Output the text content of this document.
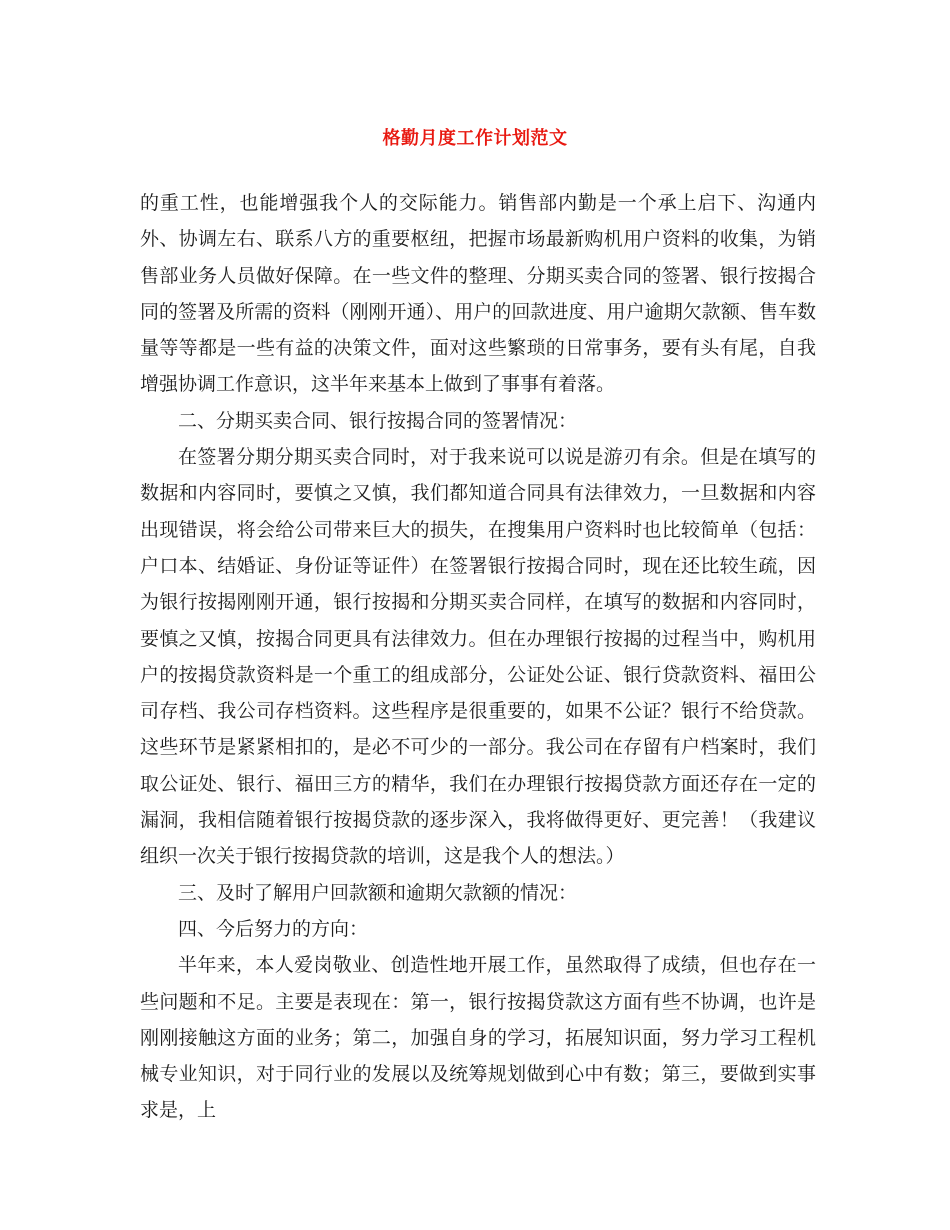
格勤月度工作计划范文

的重工性，也能增强我个人的交际能力。销售部内勤是一个承上启下、沟通内外、协调左右、联系八方的重要枢纽，把握市场最新购机用户资料的收集，为销售部业务人员做好保障。在一些文件的整理、分期买卖合同的签署、银行按揭合同的签署及所需的资料（刚刚开通）、用户的回款进度、用户逾期欠款额、售车数量等等都是一些有益的决策文件，面对这些繁琐的日常事务，要有头有尾，自我增强协调工作意识，这半年来基本上做到了事事有着落。

二、分期买卖合同、银行按揭合同的签署情况：

在签署分期分期买卖合同时，对于我来说可以说是游刃有余。但是在填写的数据和内容同时，要慎之又慎，我们都知道合同具有法律效力，一旦数据和内容出现错误，将会给公司带来巨大的损失，在搜集用户资料时也比较简单（包括：户口本、结婚证、身份证等证件）在签署银行按揭合同时，现在还比较生疏，因为银行按揭刚刚开通，银行按揭和分期买卖合同样，在填写的数据和内容同时，要慎之又慎，按揭合同更具有法律效力。但在办理银行按揭的过程当中，购机用户的按揭贷款资料是一个重工的组成部分，公证处公证、银行贷款资料、福田公司存档、我公司存档资料。这些程序是很重要的，如果不公证？银行不给贷款。这些环节是紧紧相扣的，是必不可少的一部分。我公司在存留有户档案时，我们取公证处、银行、福田三方的精华，我们在办理银行按揭贷款方面还存在一定的漏洞，我相信随着银行按揭贷款的逐步深入，我将做得更好、更完善！（我建议组织一次关于银行按揭贷款的培训，这是我个人的想法。）

三、及时了解用户回款额和逾期欠款额的情况：

四、今后努力的方向：

半年来，本人爱岗敬业、创造性地开展工作，虽然取得了成绩，但也存在一些问题和不足。主要是表现在：第一，银行按揭贷款这方面有些不协调，也许是刚刚接触这方面的业务；第二，加强自身的学习，拓展知识面，努力学习工程机械专业知识，对于同行业的发展以及统筹规划做到心中有数；第三，要做到实事求是，上
